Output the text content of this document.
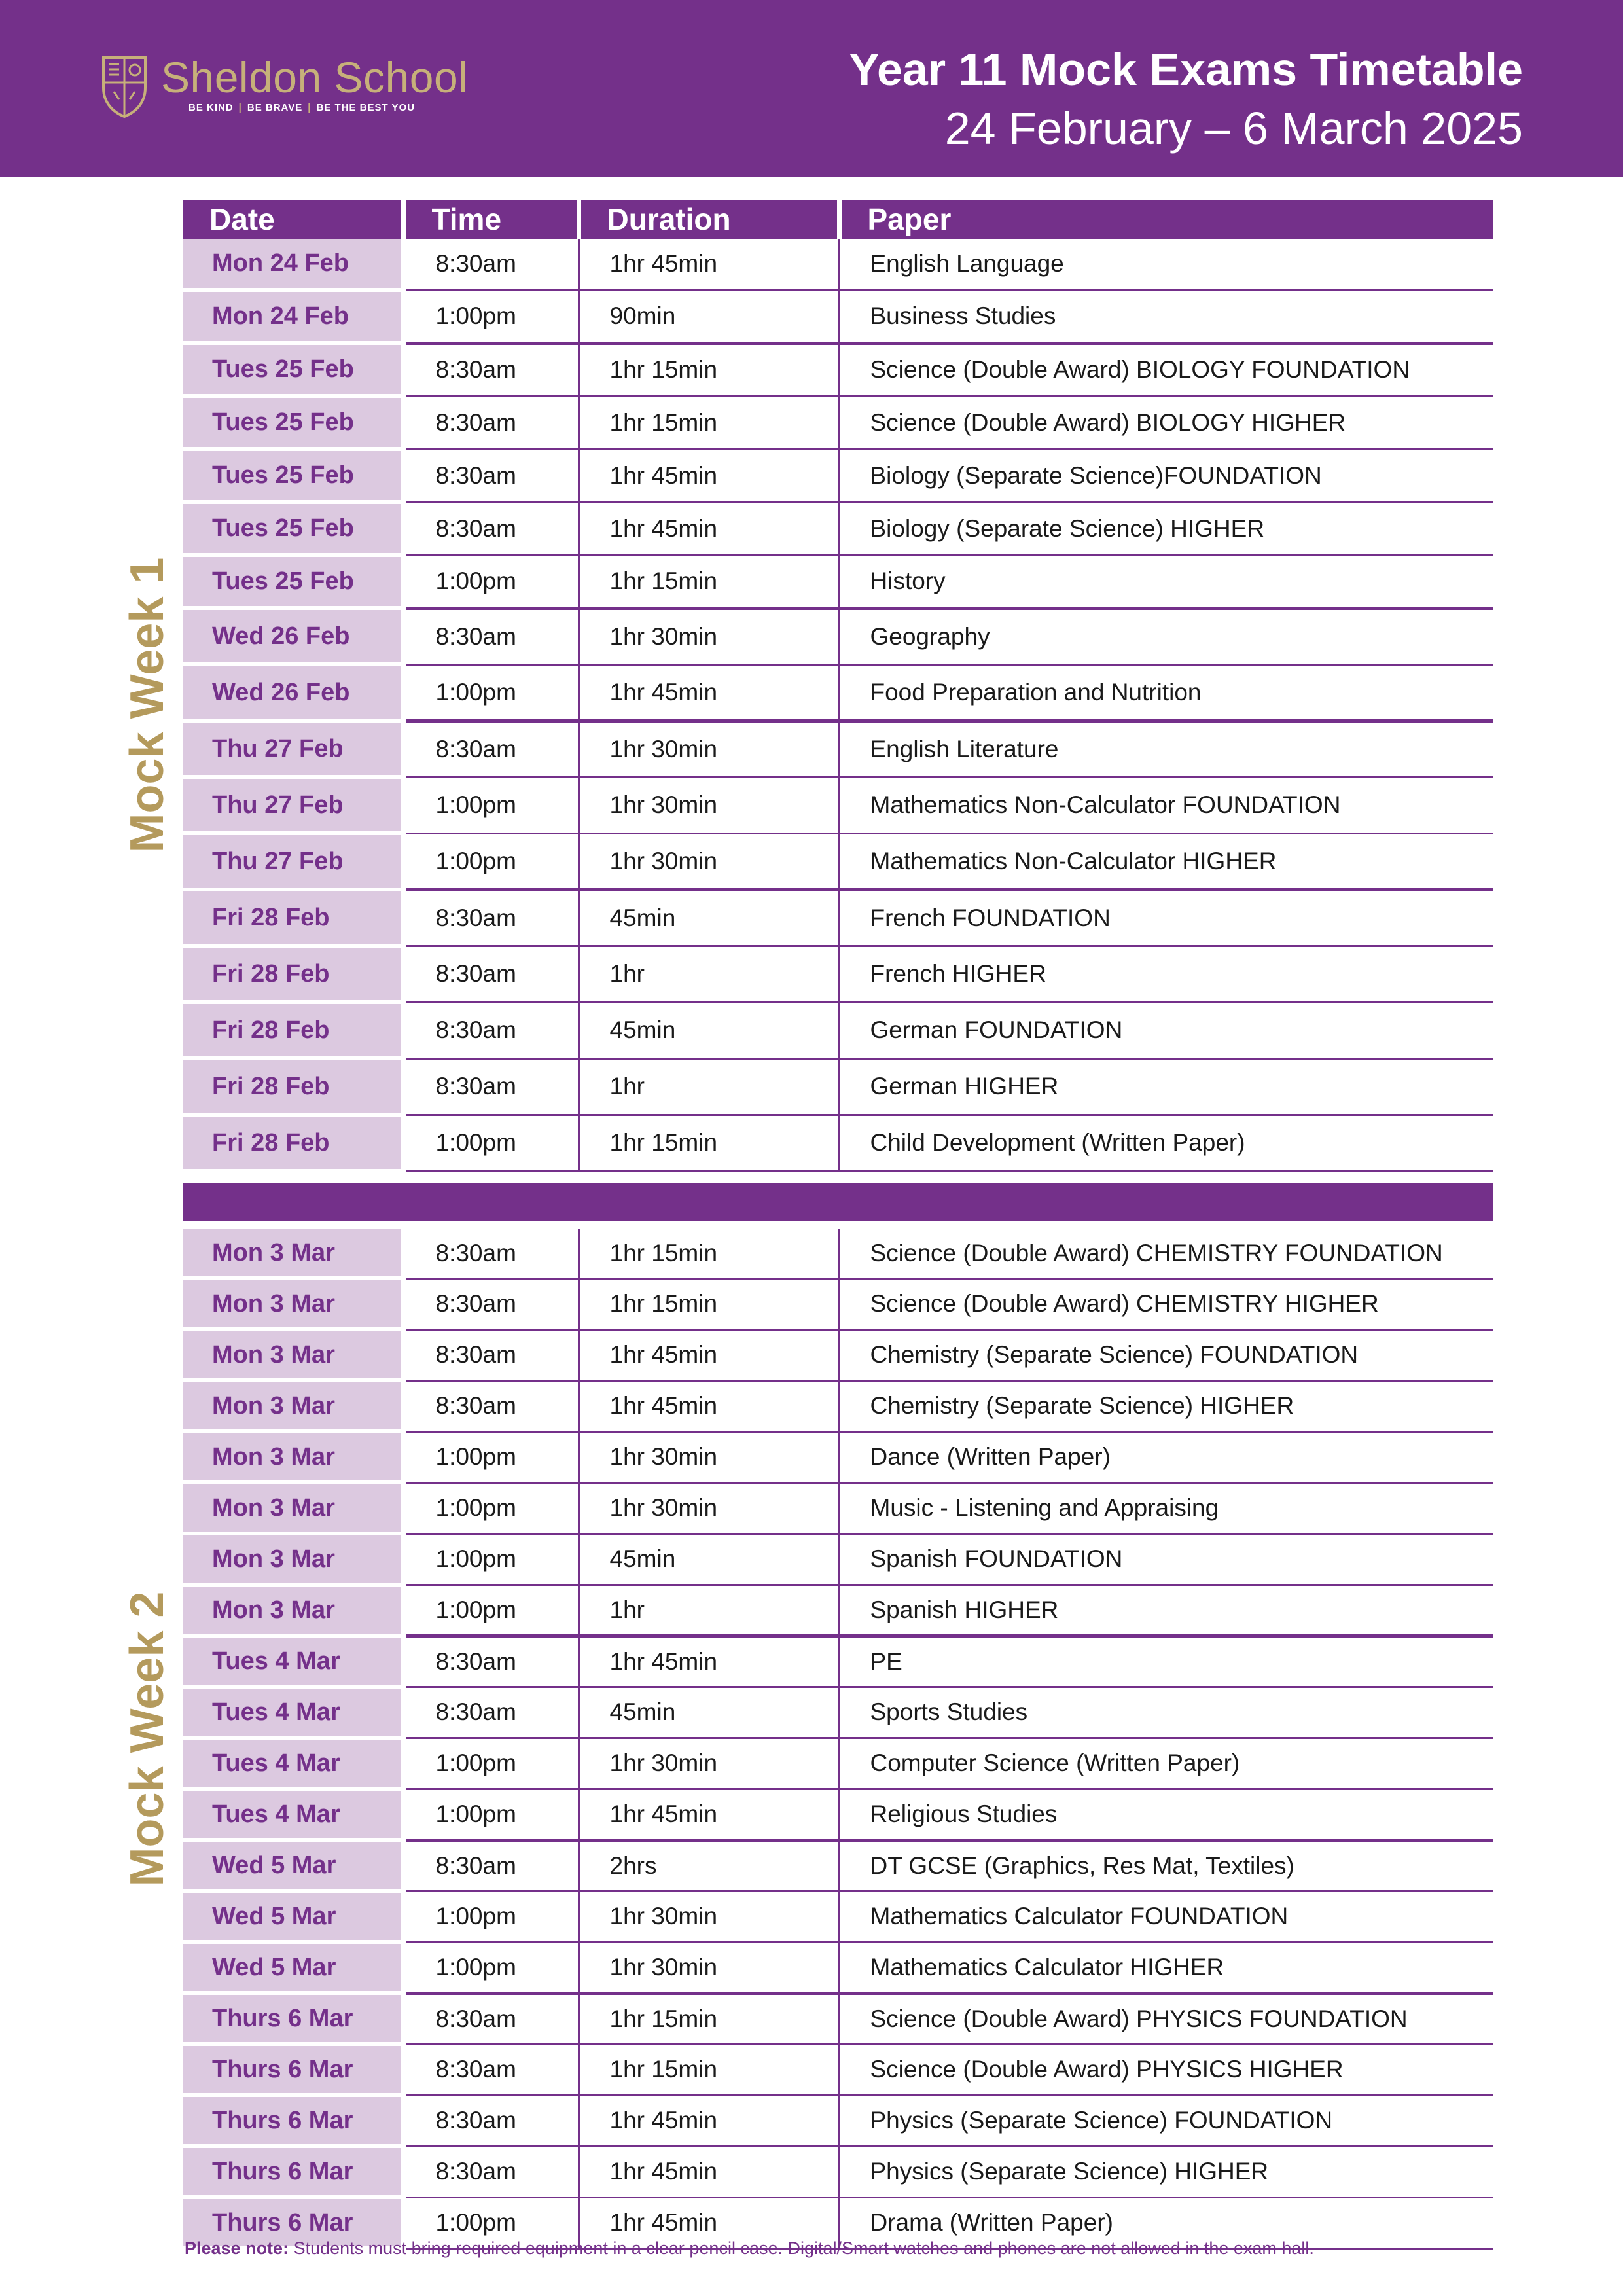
Sheldon School
BE KIND | BE BRAVE | BE THE BEST YOU
Year 11 Mock Exams Timetable
24 February – 6 March 2025
Mock Week 1
Mock Week 2
Date	Time	Duration	Paper
Mon 24 Feb	8:30am	1hr 45min	English Language
Mon 24 Feb	1:00pm	90min	Business Studies
Tues 25 Feb	8:30am	1hr 15min	Science (Double Award) BIOLOGY FOUNDATION
Tues 25 Feb	8:30am	1hr 15min	Science (Double Award) BIOLOGY HIGHER
Tues 25 Feb	8:30am	1hr 45min	Biology (Separate Science)FOUNDATION
Tues 25 Feb	8:30am	1hr 45min	Biology (Separate Science) HIGHER
Tues 25 Feb	1:00pm	1hr 15min	History
Wed 26 Feb	8:30am	1hr 30min	Geography
Wed 26 Feb	1:00pm	1hr 45min	Food Preparation and Nutrition
Thu 27 Feb	8:30am	1hr 30min	English Literature
Thu 27 Feb	1:00pm	1hr 30min	Mathematics Non-Calculator FOUNDATION
Thu 27 Feb	1:00pm	1hr 30min	Mathematics Non-Calculator HIGHER
Fri 28 Feb	8:30am	45min	French FOUNDATION
Fri 28 Feb	8:30am	1hr	French HIGHER
Fri 28 Feb	8:30am	45min	German FOUNDATION
Fri 28 Feb	8:30am	1hr	German HIGHER
Fri 28 Feb	1:00pm	1hr 15min	Child Development (Written Paper)

Mon 3 Mar	8:30am	1hr 15min	Science (Double Award) CHEMISTRY FOUNDATION
Mon 3 Mar	8:30am	1hr 15min	Science (Double Award) CHEMISTRY HIGHER
Mon 3 Mar	8:30am	1hr 45min	Chemistry (Separate Science) FOUNDATION
Mon 3 Mar	8:30am	1hr 45min	Chemistry (Separate Science) HIGHER
Mon 3 Mar	1:00pm	1hr 30min	Dance (Written Paper)
Mon 3 Mar	1:00pm	1hr 30min	Music - Listening and Appraising
Mon 3 Mar	1:00pm	45min	Spanish FOUNDATION
Mon 3 Mar	1:00pm	1hr	Spanish HIGHER
Tues 4 Mar	8:30am	1hr 45min	PE
Tues 4 Mar	8:30am	45min	Sports Studies
Tues 4 Mar	1:00pm	1hr 30min	Computer Science (Written Paper)
Tues 4 Mar	1:00pm	1hr 45min	Religious Studies
Wed 5 Mar	8:30am	2hrs	DT GCSE (Graphics, Res Mat, Textiles)
Wed 5 Mar	1:00pm	1hr 30min	Mathematics Calculator FOUNDATION
Wed 5 Mar	1:00pm	1hr 30min	Mathematics Calculator HIGHER
Thurs 6 Mar	8:30am	1hr 15min	Science (Double Award) PHYSICS FOUNDATION
Thurs 6 Mar	8:30am	1hr 15min	Science (Double Award) PHYSICS HIGHER
Thurs 6 Mar	8:30am	1hr 45min	Physics (Separate Science) FOUNDATION
Thurs 6 Mar	8:30am	1hr 45min	Physics (Separate Science) HIGHER
Thurs 6 Mar	1:00pm	1hr 45min	Drama (Written Paper)
Please note: Students must bring required equipment in a clear pencil case. Digital/Smart watches and phones are not allowed in the exam hall.
